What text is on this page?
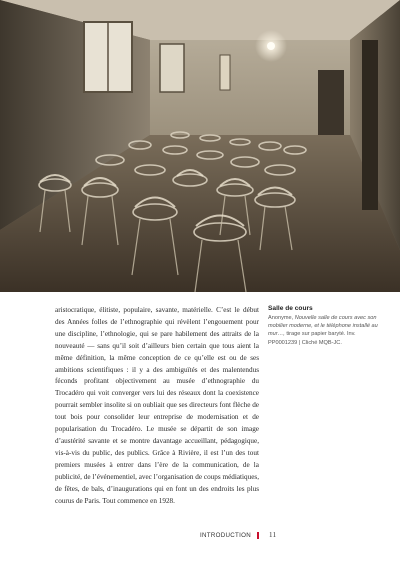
aristocratique, élitiste, populaire, savante, matérielle. C’est le début des Années folles de l’ethnographie qui révèlent l’engouement pour une discipline, l’ethnologie, qui se pare habilement des attraits de la nouveauté — sans qu’il soit d’ailleurs bien certain que tous aient la même définition, la même conception de ce qu’elle est ou de ses ambitions scientifiques : il y a des ambiguïtés et des malentendus féconds profitant objectivement au musée d’ethnographie du Trocadéro qui voit converger vers lui des réseaux dont la coexistence pourrait sembler insolite si on oubliait que ses directeurs font flèche de tout bois pour consolider leur entreprise de modernisation et de popularisation du Trocadéro. Le musée se départit de son image d’austérité savante et se montre davantage accueillant, pédagogique, vis-à-vis du public, des publics. Grâce à Rivière, il est l’un des tout premiers musées à entrer dans l’ère de la communication, de la publicité, de l’événementiel, avec l’organisation de coups médiatiques, de fêtes, de bals, d’inaugurations qui en font un des endroits les plus courus de Paris. Tout commence en 1928.

Salle de cours

Anonyme, Nouvelle salle de cours avec son mobilier moderne, et le téléphone installé au mur…, tirage sur papier baryté. Inv. PP0001239 | Cliché MQB-JC.

INTRODUCTION	11
